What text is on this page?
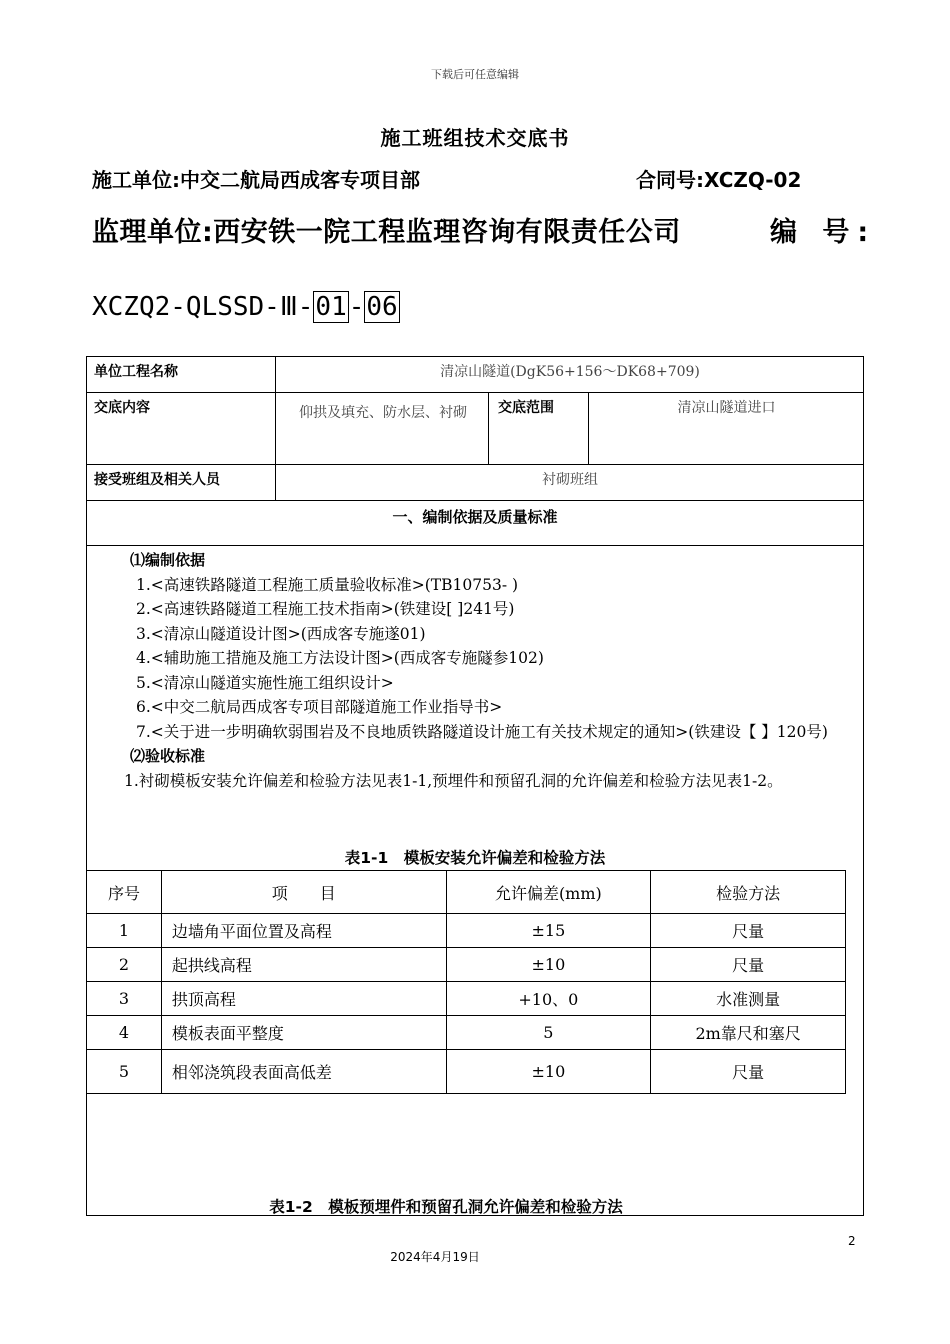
下载后可任意编辑
施工班组技术交底书
施工单位:中交二航局西成客专项目部	合同号:XCZQ-02
监理单位:西安铁一院工程监理咨询有限责任公司	编 号:
XCZQ2-QLSSD-Ⅲ-01-06
单位工程名称	清凉山隧道(DgK56+156～DK68+709)
交底内容	仰拱及填充、防水层、衬砌	交底范围	清凉山隧道进口
接受班组及相关人员	衬砌班组
一、编制依据及质量标准
⑴编制依据
1.<高速铁路隧道工程施工质量验收标准>(TB10753- )
2.<高速铁路隧道工程施工技术指南>(铁建设[ ]241号)
3.<清凉山隧道设计图>(西成客专施遂01)
4.<辅助施工措施及施工方法设计图>(西成客专施隧参102)
5.<清凉山隧道实施性施工组织设计>
6.<中交二航局西成客专项目部隧道施工作业指导书>
7.<关于进一步明确软弱围岩及不良地质铁路隧道设计施工有关技术规定的通知>(铁建设【 】120号)
⑵验收标准
1.衬砌模板安装允许偏差和检验方法见表1-1,预埋件和预留孔洞的允许偏差和检验方法见表1-2。
表1-1　模板安装允许偏差和检验方法
序号	项　　目	允许偏差(mm)	检验方法
1	边墙角平面位置及高程	±15	尺量
2	起拱线高程	±10	尺量
3	拱顶高程	+10、0	水准测量
4	模板表面平整度	5	2m靠尺和塞尺
5	相邻浇筑段表面高低差	±10	尺量
表1-2　模板预埋件和预留孔洞允许偏差和检验方法
2
2024年4月19日
